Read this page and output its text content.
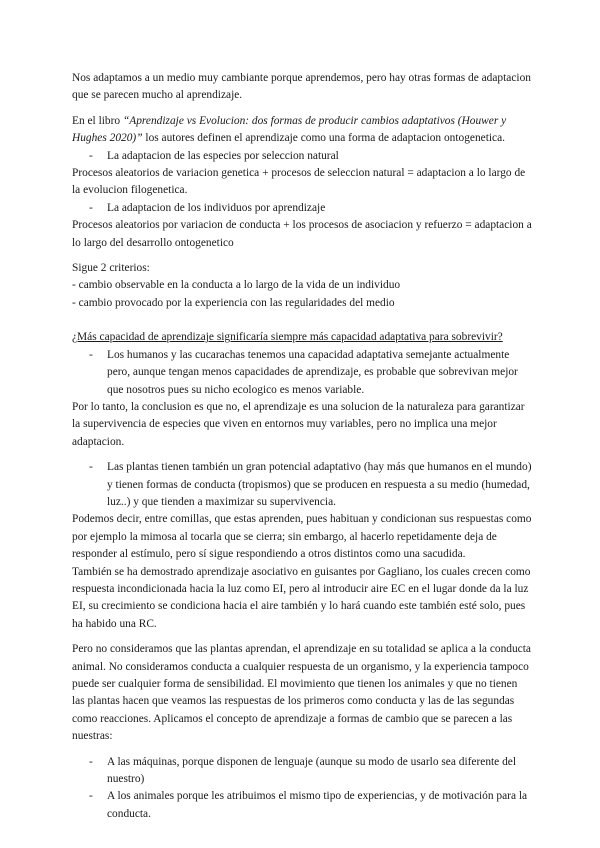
Nos adaptamos a un medio muy cambiante porque aprendemos, pero hay otras formas de adaptacion que se parecen mucho al aprendizaje.

En el libro “Aprendizaje vs Evolucion: dos formas de producir cambios adaptativos (Houwer y Hughes 2020)” los autores definen el aprendizaje como una forma de adaptacion ontogenetica.

- La adaptacion de las especies por seleccion natural

Procesos aleatorios de variacion genetica + procesos de seleccion natural = adaptacion a lo largo de la evolucion filogenetica.

- La adaptacion de los individuos por aprendizaje

Procesos aleatorios por variacion de conducta + los procesos de asociacion y refuerzo = adaptacion a lo largo del desarrollo ontogenetico

Sigue 2 criterios:

- cambio observable en la conducta a lo largo de la vida de un individuo

- cambio provocado por la experiencia con las regularidades del medio

¿Más capacidad de aprendizaje significaría siempre más capacidad adaptativa para sobrevivir?

- Los humanos y las cucarachas tenemos una capacidad adaptativa semejante actualmente pero, aunque tengan menos capacidades de aprendizaje, es probable que sobrevivan mejor que nosotros pues su nicho ecologico es menos variable.

Por lo tanto, la conclusion es que no, el aprendizaje es una solucion de la naturaleza para garantizar la supervivencia de especies que viven en entornos muy variables, pero no implica una mejor adaptacion.

- Las plantas tienen también un gran potencial adaptativo (hay más que humanos en el mundo) y tienen formas de conducta (tropismos) que se producen en respuesta a su medio (humedad, luz..) y que tienden a maximizar su supervivencia.

Podemos decir, entre comillas, que estas aprenden, pues habituan y condicionan sus respuestas como por ejemplo la mimosa al tocarla que se cierra; sin embargo, al hacerlo repetidamente deja de responder al estímulo, pero sí sigue respondiendo a otros distintos como una sacudida.

También se ha demostrado aprendizaje asociativo en guisantes por Gagliano, los cuales crecen como respuesta incondicionada hacia la luz como EI, pero al introducir aire EC en el lugar donde da la luz EI, su crecimiento se condiciona hacia el aire también y lo hará cuando este también esté solo, pues ha habido una RC.

Pero no consideramos que las plantas aprendan, el aprendizaje en su totalidad se aplica a la conducta animal. No consideramos conducta a cualquier respuesta de un organismo, y la experiencia tampoco puede ser cualquier forma de sensibilidad. El movimiento que tienen los animales y que no tienen las plantas hacen que veamos las respuestas de los primeros como conducta y las de las segundas como reacciones. Aplicamos el concepto de aprendizaje a formas de cambio que se parecen a las nuestras:

- A las máquinas, porque disponen de lenguaje (aunque su modo de usarlo sea diferente del nuestro)

- A los animales porque les atribuimos el mismo tipo de experiencias, y de motivación para la conducta.
